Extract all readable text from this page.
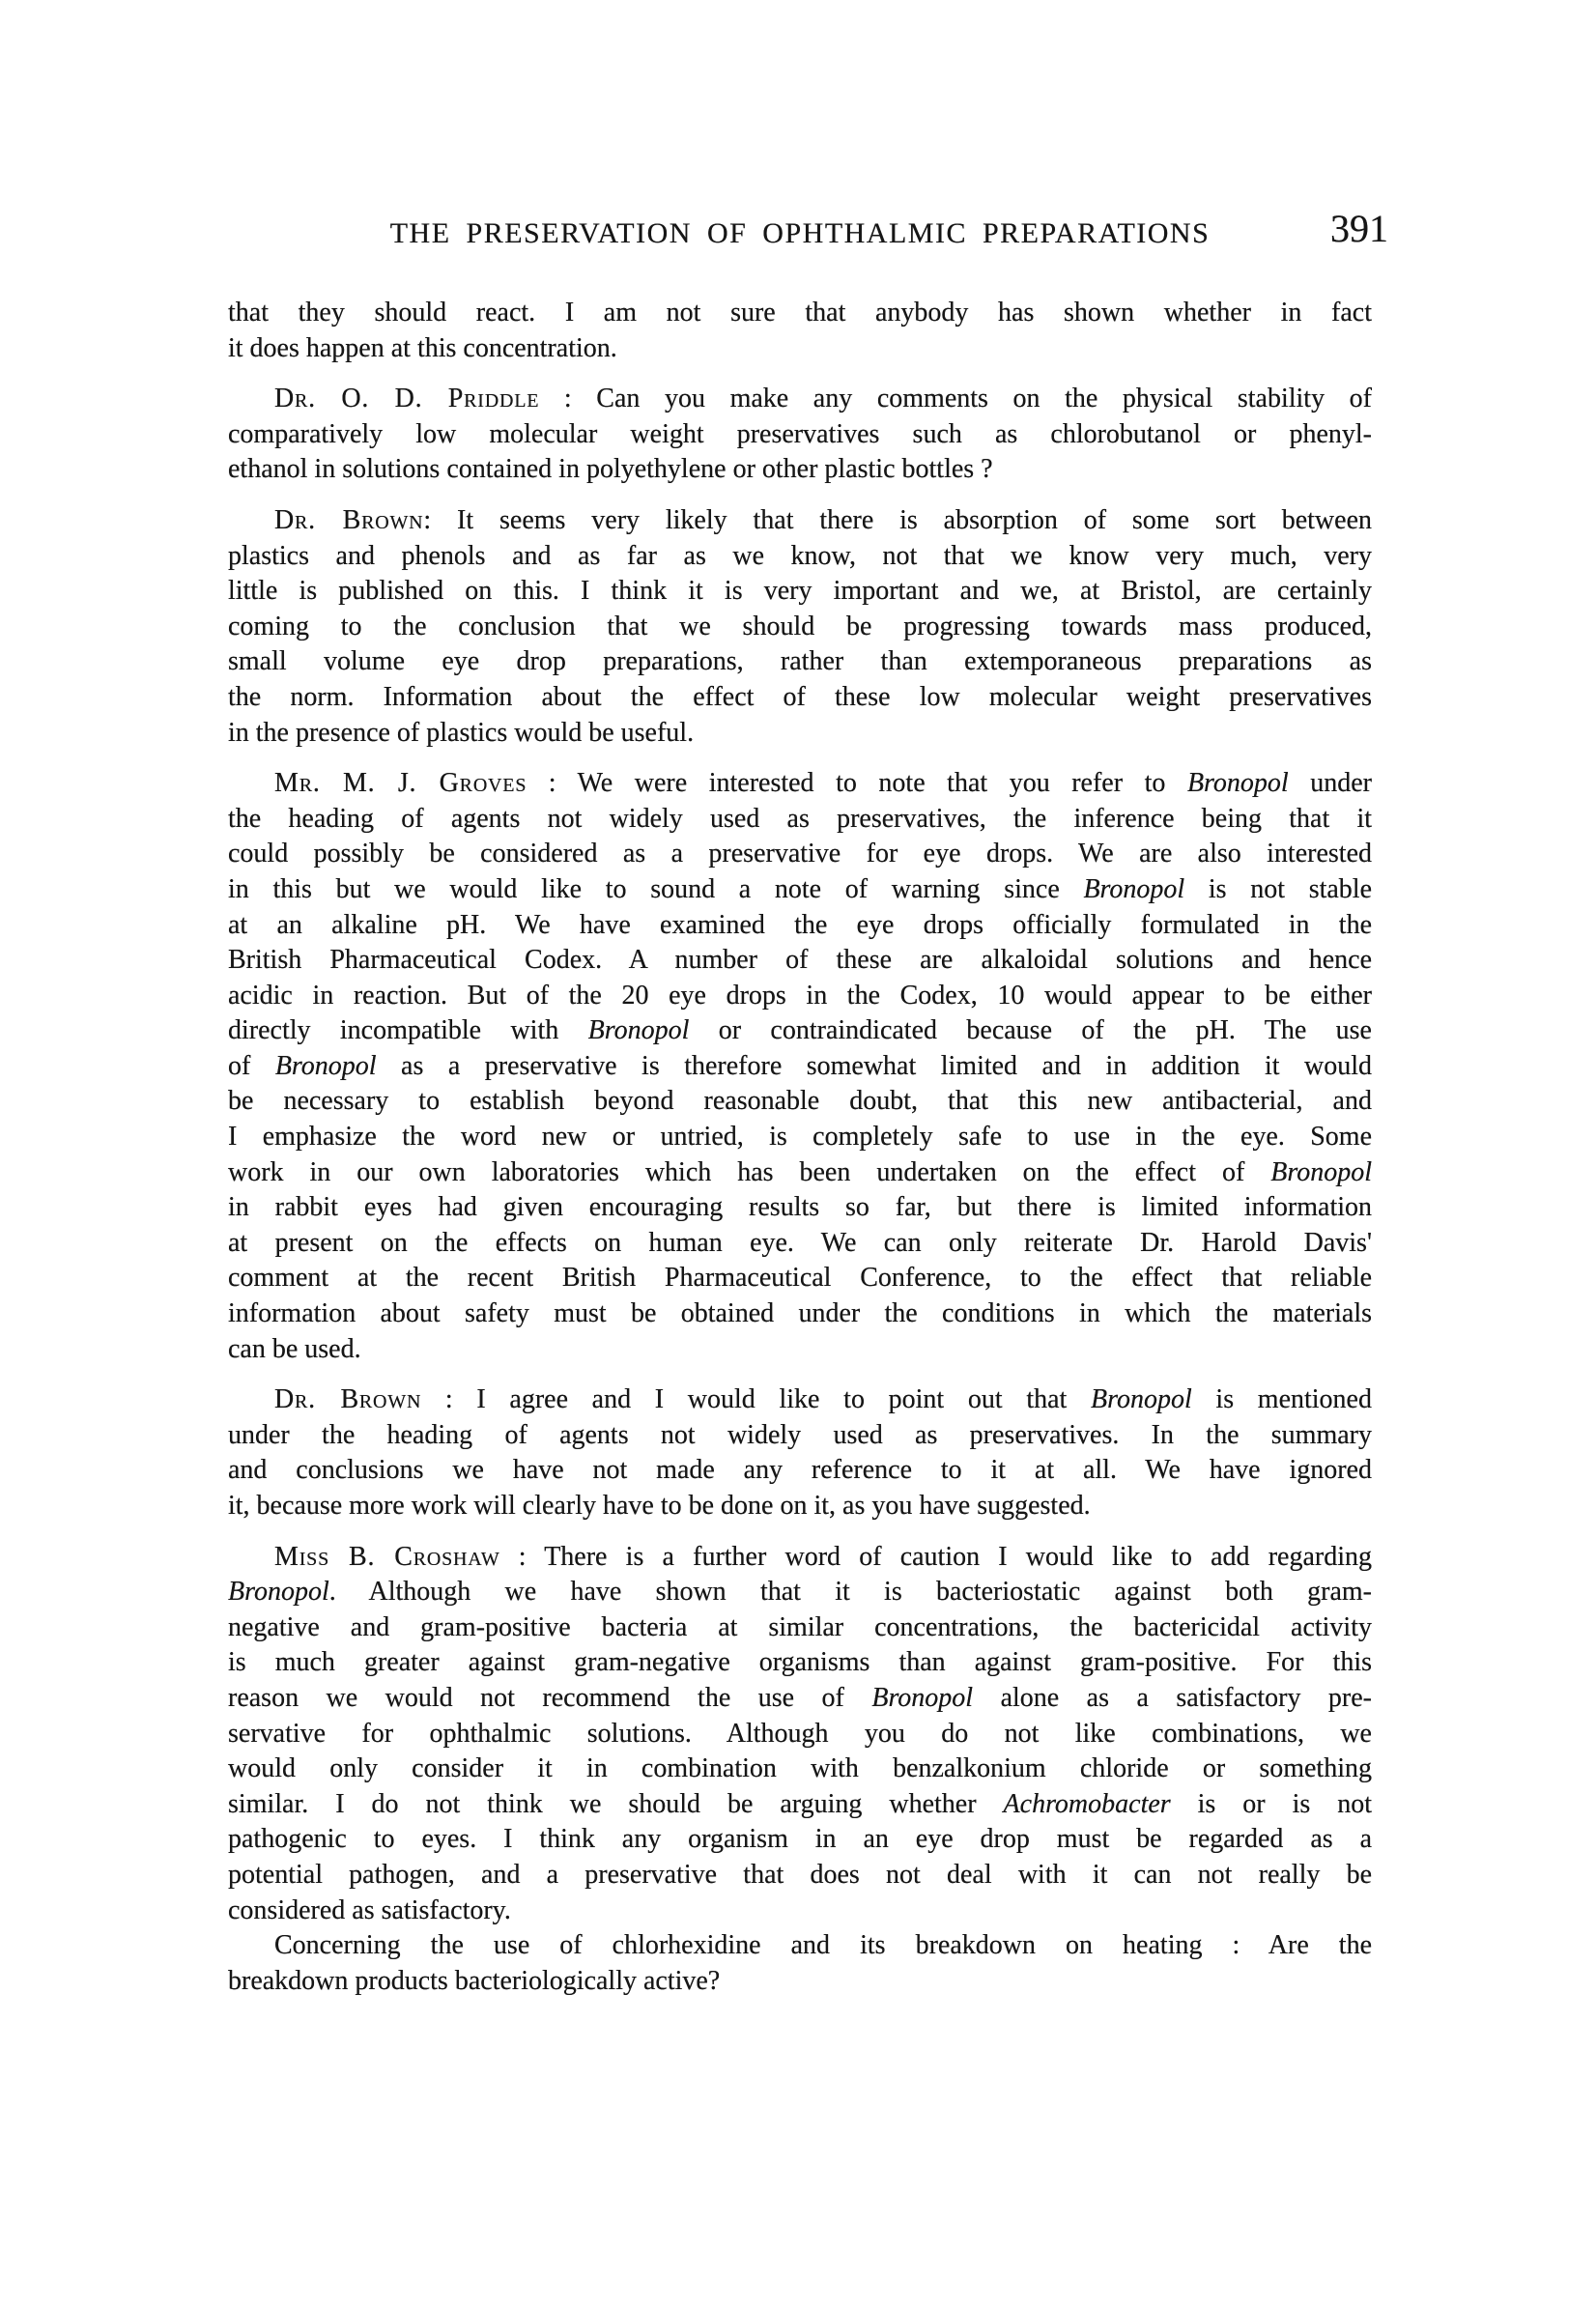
THE PRESERVATION OF OPHTHALMIC PREPARATIONS	391
that they should react. I am not sure that anybody has shown whether in fact
it does happen at this concentration.
Dr. O. D. Priddle : Can you make any comments on the physical stability of
comparatively low molecular weight preservatives such as chlorobutanol or phenyl-
ethanol in solutions contained in polyethylene or other plastic bottles ?
Dr. Brown: It seems very likely that there is absorption of some sort between
plastics and phenols and as far as we know, not that we know very much, very
little is published on this. I think it is very important and we, at Bristol, are certainly
coming to the conclusion that we should be progressing towards mass produced,
small volume eye drop preparations, rather than extemporaneous preparations as
the norm. Information about the effect of these low molecular weight preservatives
in the presence of plastics would be useful.
Mr. M. J. Groves : We were interested to note that you refer to Bronopol under
the heading of agents not widely used as preservatives, the inference being that it
could possibly be considered as a preservative for eye drops. We are also interested
in this but we would like to sound a note of warning since Bronopol is not stable
at an alkaline pH. We have examined the eye drops officially formulated in the
British Pharmaceutical Codex. A number of these are alkaloidal solutions and hence
acidic in reaction. But of the 20 eye drops in the Codex, 10 would appear to be either
directly incompatible with Bronopol or contraindicated because of the pH. The use
of Bronopol as a preservative is therefore somewhat limited and in addition it would
be necessary to establish beyond reasonable doubt, that this new antibacterial, and
I emphasize the word new or untried, is completely safe to use in the eye. Some
work in our own laboratories which has been undertaken on the effect of Bronopol
in rabbit eyes had given encouraging results so far, but there is limited information
at present on the effects on human eye. We can only reiterate Dr. Harold Davis'
comment at the recent British Pharmaceutical Conference, to the effect that reliable
information about safety must be obtained under the conditions in which the materials
can be used.
Dr. Brown : I agree and I would like to point out that Bronopol is mentioned
under the heading of agents not widely used as preservatives. In the summary
and conclusions we have not made any reference to it at all. We have ignored
it, because more work will clearly have to be done on it, as you have suggested.
Miss B. Croshaw : There is a further word of caution I would like to add regarding
Bronopol. Although we have shown that it is bacteriostatic against both gram-
negative and gram-positive bacteria at similar concentrations, the bactericidal activity
is much greater against gram-negative organisms than against gram-positive. For this
reason we would not recommend the use of Bronopol alone as a satisfactory pre-
servative for ophthalmic solutions. Although you do not like combinations, we
would only consider it in combination with benzalkonium chloride or something
similar. I do not think we should be arguing whether Achromobacter is or is not
pathogenic to eyes. I think any organism in an eye drop must be regarded as a
potential pathogen, and a preservative that does not deal with it can not really be
considered as satisfactory.
Concerning the use of chlorhexidine and its breakdown on heating : Are the
breakdown products bacteriologically active?
